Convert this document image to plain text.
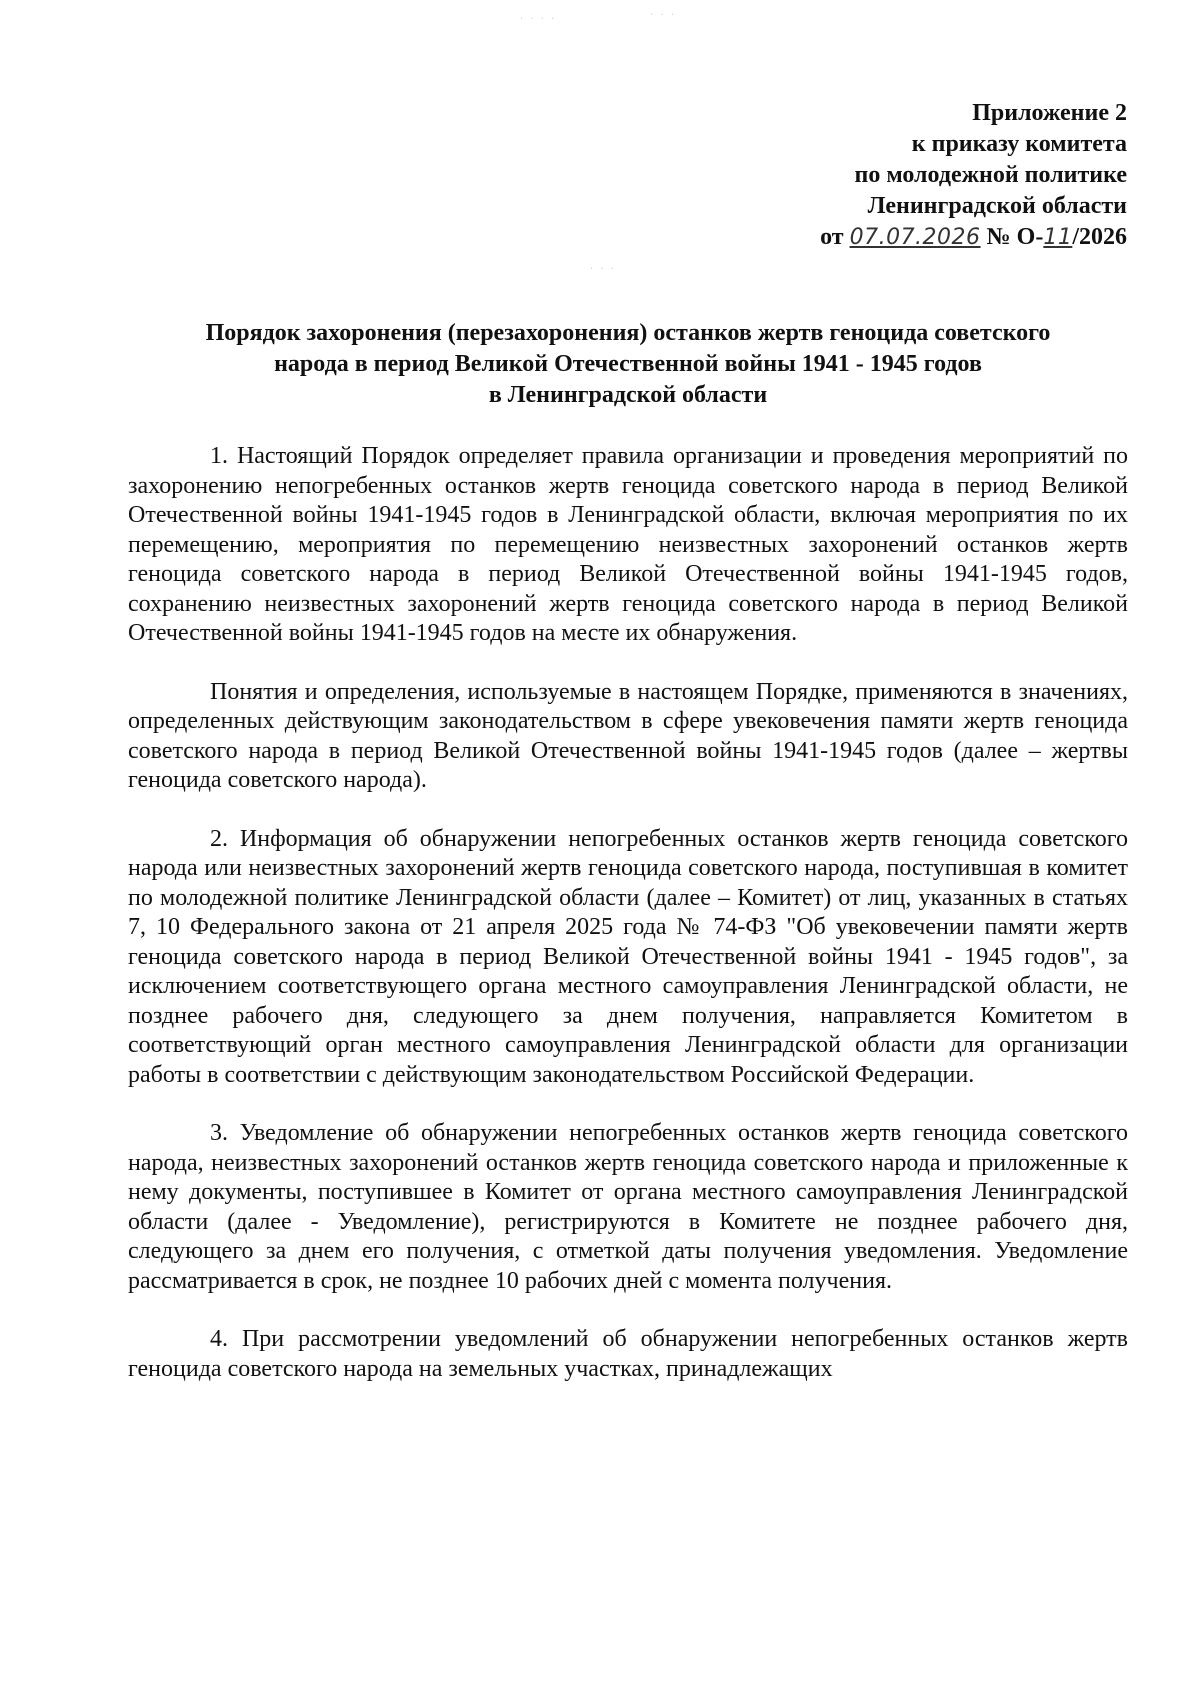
· · · ·	· · ·
· · ·
Приложение 2
к приказу комитета
по молодежной политике
Ленинградской области
от 07.07.2026 № О-11/2026
Порядок захоронения (перезахоронения) останков жертв геноцида советского
народа в период Великой Отечественной войны 1941 - 1945 годов
в Ленинградской области

1. Настоящий Порядок определяет правила организации и проведения мероприятий по захоронению непогребенных останков жертв геноцида советского народа в период Великой Отечественной войны 1941-1945 годов в Ленинградской области, включая мероприятия по их перемещению, мероприятия по перемещению неизвестных захоронений останков жертв геноцида советского народа в период Великой Отечественной войны 1941-1945 годов, сохранению неизвестных захоронений жертв геноцида советского народа в период Великой Отечественной войны 1941-1945 годов на месте их обнаружения.

Понятия и определения, используемые в настоящем Порядке, применяются в значениях, определенных действующим законодательством в сфере увековечения памяти жертв геноцида советского народа в период Великой Отечественной войны 1941-1945 годов (далее – жертвы геноцида советского народа).

2. Информация об обнаружении непогребенных останков жертв геноцида советского народа или неизвестных захоронений жертв геноцида советского народа, поступившая в комитет по молодежной политике Ленинградской области (далее – Комитет) от лиц, указанных в статьях 7, 10 Федерального закона от 21 апреля 2025 года № 74-ФЗ "Об увековечении памяти жертв геноцида советского народа в период Великой Отечественной войны 1941 - 1945 годов", за исключением соответствующего органа местного самоуправления Ленинградской области, не позднее рабочего дня, следующего за днем получения, направляется Комитетом в соответствующий орган местного самоуправления Ленинградской области для организации работы в соответствии с действующим законодательством Российской Федерации.

3. Уведомление об обнаружении непогребенных останков жертв геноцида советского народа, неизвестных захоронений останков жертв геноцида советского народа и приложенные к нему документы, поступившее в Комитет от органа местного самоуправления Ленинградской области (далее - Уведомление), регистрируются в Комитете не позднее рабочего дня, следующего за днем его получения, с отметкой даты получения уведомления. Уведомление рассматривается в срок, не позднее 10 рабочих дней с момента получения.

4. При рассмотрении уведомлений об обнаружении непогребенных останков жертв геноцида советского народа на земельных участках, принадлежащих
